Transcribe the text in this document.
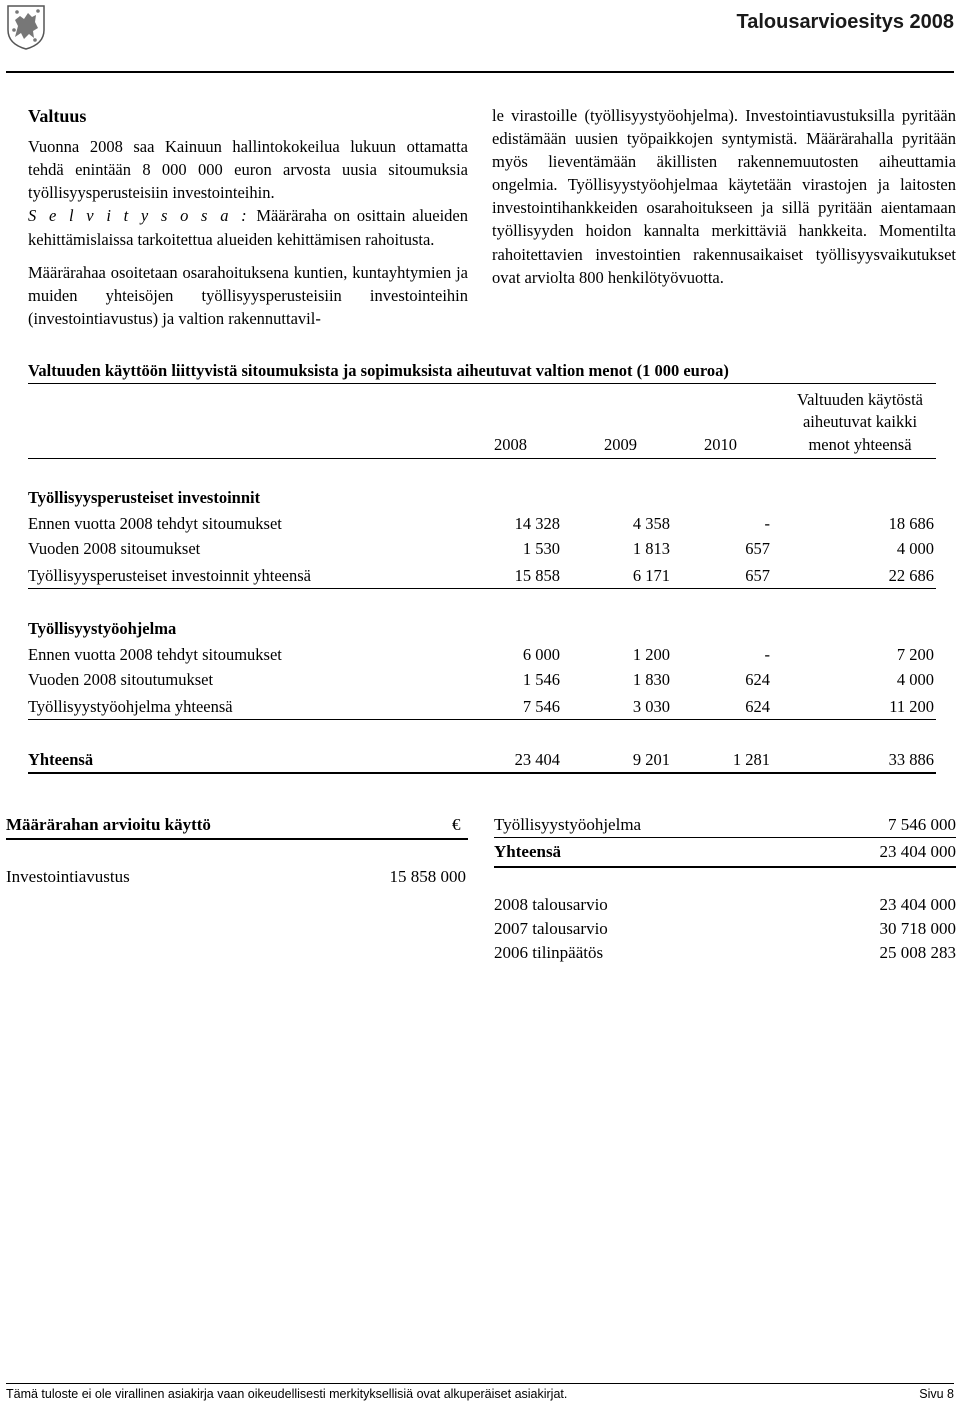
Talousarvioesitys 2008

Valtuus

Vuonna 2008 saa Kainuun hallintokokeilua lukuun ottamatta tehdä enintään 8 000 000 euron arvosta uusia sitoumuksia työllisyysperusteisiin investointeihin.

S e l v i t y s o s a : Määräraha on osittain alueiden kehittämislaissa tarkoitettua alueiden kehittämisen rahoitusta.

Määrärahaa osoitetaan osarahoituksena kuntien, kuntayhtymien ja muiden yhteisöjen työllisyysperusteisiin investointeihin (investointiavustus) ja valtion rakennuttavil-

le virastoille (työllisyystyöohjelma). Investointiavustuksilla pyritään edistämään uusien työpaikkojen syntymistä. Määrärahalla pyritään myös lieventämään äkillisten rakennemuutosten aiheuttamia ongelmia. Työllisyystyöohjelmaa käytetään virastojen ja laitosten investointihankkeiden osarahoitukseen ja sillä pyritään aientamaan työllisyyden hoidon kannalta merkittäviä hankkeita. Momentilta rahoitettavien investointien rakennusaikaiset työllisyysvaikutukset ovat arviolta 800 henkilötyövuotta.

Valtuuden käyttöön liittyvistä sitoumuksista ja sopimuksista aiheutuvat valtion menot (1 000 euroa)
2008	2009	2010
Valtuuden käytöstä
aiheutuvat kaikki
menot yhteensä
Työllisyysperusteiset investoinnit
Ennen vuotta 2008 tehdyt sitoumukset	14 328	4 358	-	18 686
Vuoden 2008 sitoumukset	1 530	1 813	657	4 000
Työllisyysperusteiset investoinnit yhteensä	15 858	6 171	657	22 686
Työllisyystyöohjelma
Ennen vuotta 2008 tehdyt sitoumukset	6 000	1 200	-	7 200
Vuoden 2008 sitoutumukset	1 546	1 830	624	4 000
Työllisyystyöohjelma yhteensä	7 546	3 030	624	11 200
Yhteensä	23 404	9 201	1 281	33 886
Määrärahan arvioitu käyttö	€
Investointiavustus	15 858 000
Työllisyystyöohjelma	7 546 000
Yhteensä	23 404 000
2008 talousarvio	23 404 000
2007 talousarvio	30 718 000
2006 tilinpäätös	25 008 283
Tämä tuloste ei ole virallinen asiakirja vaan oikeudellisesti merkityksellisiä ovat alkuperäiset asiakirjat.	Sivu 8
